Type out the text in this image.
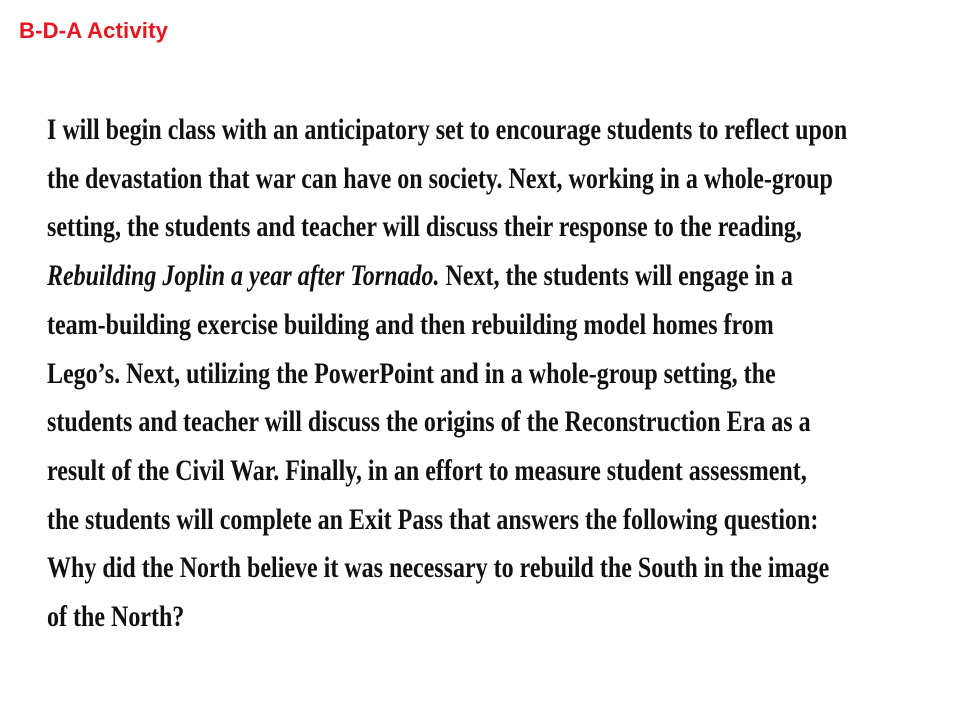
B-D-A Activity
I will begin class with an anticipatory set to encourage students to reflect upon
the devastation that war can have on society. Next, working in a whole-group
setting, the students and teacher will discuss their response to the reading,
Rebuilding Joplin a year after Tornado. Next, the students will engage in a
team-building exercise building and then rebuilding model homes from
Lego’s. Next, utilizing the PowerPoint and in a whole-group setting, the
students and teacher will discuss the origins of the Reconstruction Era as a
result of the Civil War. Finally, in an effort to measure student assessment,
the students will complete an Exit Pass that answers the following question:
Why did the North believe it was necessary to rebuild the South in the image
of the North?
